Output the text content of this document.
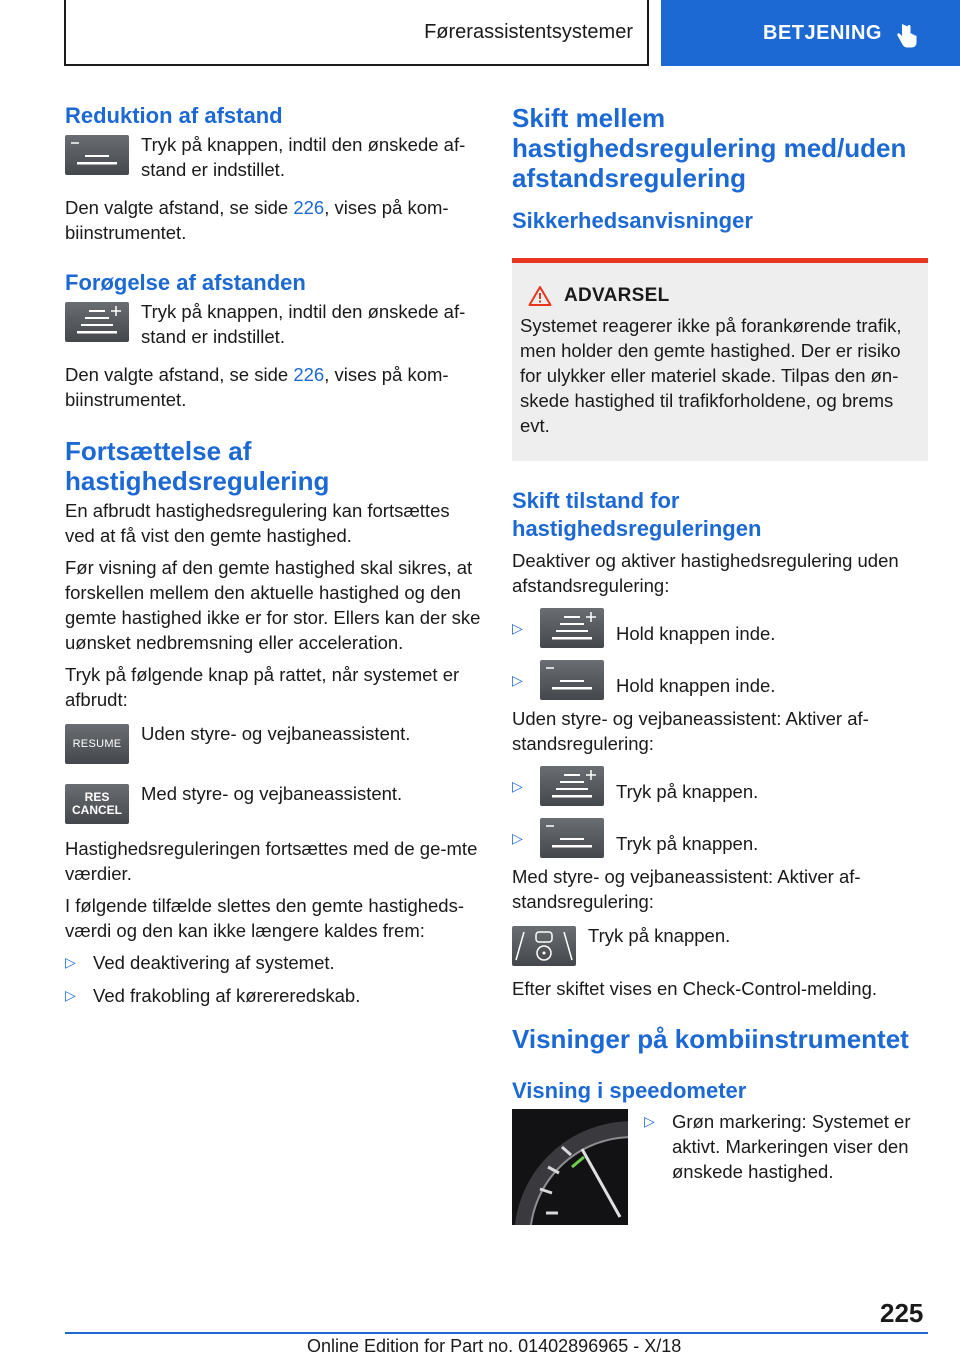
Førerassistentsystemer	BETJENING
Reduktion af afstand
Tryk på knappen, indtil den ønskede af-stand er indstillet.

Den valgte afstand, se side 226, vises på kom-biinstrumentet.

Forøgelse af afstanden
Tryk på knappen, indtil den ønskede af-stand er indstillet.

Den valgte afstand, se side 226, vises på kom-biinstrumentet.

Fortsættelse af
hastighedsregulering

En afbrudt hastighedsregulering kan fortsættes ved at få vist den gemte hastighed.

Før visning af den gemte hastighed skal sikres, at forskellen mellem den aktuelle hastighed og den gemte hastighed ikke er for stor. Ellers kan der ske uønsket nedbremsning eller acceleration.

Tryk på følgende knap på rattet, når systemet er afbrudt:

RESUME	Uden styre- og vejbaneassistent.
RES
CANCEL
Med styre- og vejbaneassistent.

Hastighedsreguleringen fortsættes med de ge-mte værdier.

I følgende tilfælde slettes den gemte hastigheds-værdi og den kan ikke længere kaldes frem:

▷ Ved deaktivering af systemet.
▷ Ved frakobling af kørereredskab.
Skift mellem
hastighedsregulering med/uden
afstandsregulering
Sikkerhedsanvisninger
ADVARSEL

Systemet reagerer ikke på forankørende trafik, men holder den gemte hastighed. Der er risiko for ulykker eller materiel skade. Tilpas den øn-skede hastighed til trafikforholdene, og brems evt.

Skift tilstand for
hastighedsreguleringen

Deaktiver og aktiver hastighedsregulering uden afstandsregulering:

▷	Hold knappen inde.
▷	Hold knappen inde.

Uden styre- og vejbaneassistent: Aktiver af-standsregulering:

▷	Tryk på knappen.
▷	Tryk på knappen.

Med styre- og vejbaneassistent: Aktiver af-standsregulering:

Tryk på knappen.

Efter skiftet vises en Check-Control-melding.

Visninger på kombiinstrumentet
Visning i speedometer
▷ Grøn markering: Systemet er aktivt. Markeringen viser den ønskede hastighed.
225
Online Edition for Part no. 01402896965 - X/18
